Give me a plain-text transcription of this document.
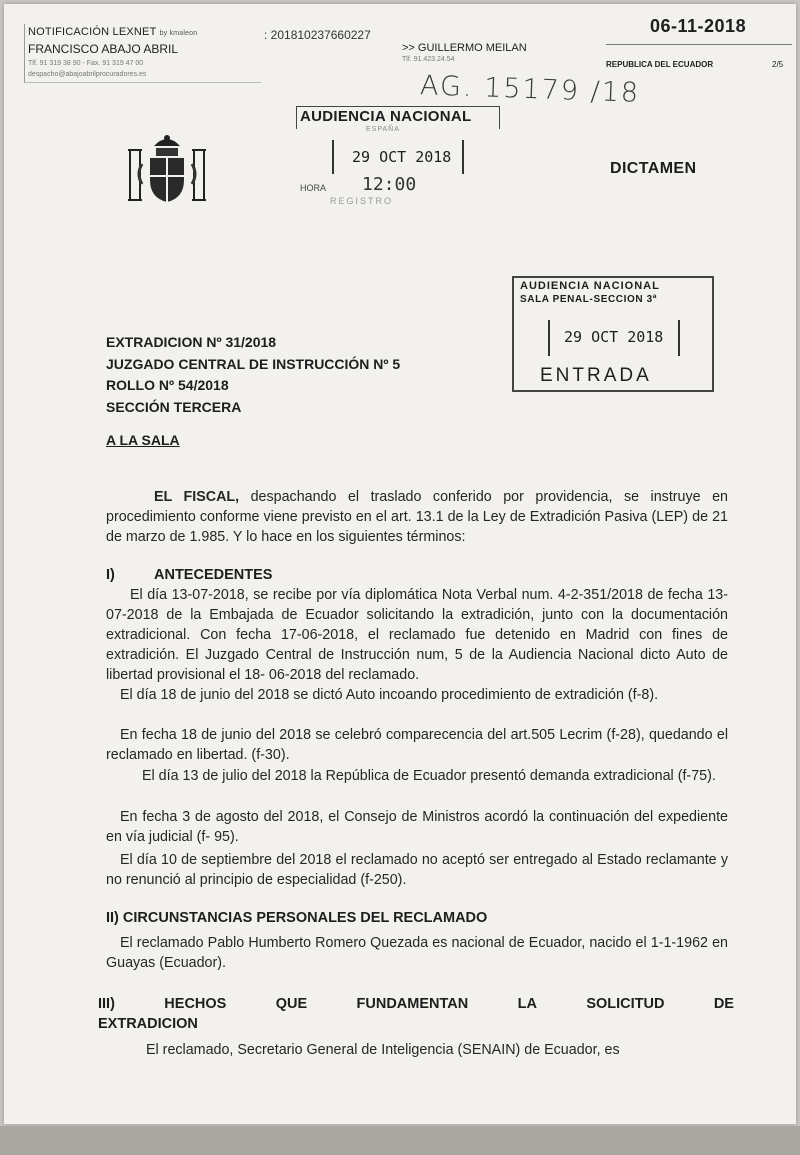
NOTIFICACIÓN LEXNET by kmaleon
FRANCISCO ABAJO ABRIL
Tlf. 91 319 38 90 - Fax. 91 319 47 00
despacho@abajoabrilprocuradores.es
: 201810237660227
>> GUILLERMO MEILAN
Tlf. 91.423.24.54
06-11-2018
REPUBLICA DEL ECUADOR	2/5
AG. 15179 /18
AUDIENCIA NACIONAL
ESPAÑA
29 OCT 2018
HORA 12:00
REGISTRO
DICTAMEN
AUDIENCIA NACIONAL
SALA PENAL-SECCION 3ª
29 OCT 2018
ENTRADA
EXTRADICION Nº 31/2018
JUZGADO CENTRAL DE INSTRUCCIÓN Nº 5
ROLLO Nº 54/2018
SECCIÓN TERCERA
A LA SALA
EL FISCAL, despachando el traslado conferido por providencia, se instruye en procedimiento conforme viene previsto en el art. 13.1 de la Ley de Extradición Pasiva (LEP) de 21 de marzo de 1.985. Y lo hace en los siguientes términos:
I)	ANTECEDENTES
El día 13-07-2018, se recibe por vía diplomática Nota Verbal num. 4-2-351/2018 de fecha 13-07-2018 de la Embajada de Ecuador solicitando la extradición, junto con la documentación extradicional. Con fecha 17-06-2018, el reclamado fue detenido en Madrid con fines de extradición. El Juzgado Central de Instrucción num, 5 de la Audiencia Nacional dicto Auto de libertad provisional el 18- 06-2018 del reclamado.
El día 18 de junio del 2018 se dictó Auto incoando procedimiento de extradición (f-8).
En fecha 18 de junio del 2018 se celebró comparecencia del art.505 Lecrim (f-28), quedando el reclamado en libertad. (f-30).
El día 13 de julio del 2018 la República de Ecuador presentó demanda extradicional (f-75).
En fecha 3 de agosto del 2018, el Consejo de Ministros acordó la continuación del expediente en vía judicial (f- 95).
El día 10 de septiembre del 2018 el reclamado no aceptó ser entregado al Estado reclamante y no renunció al principio de especialidad (f-250).
II) CIRCUNSTANCIAS PERSONALES DEL RECLAMADO
El reclamado Pablo Humberto Romero Quezada es nacional de Ecuador, nacido el 1-1-1962 en Guayas (Ecuador).
III)	HECHOS	QUE	FUNDAMENTAN	LA	SOLICITUD	DE
EXTRADICION
El reclamado, Secretario General de Inteligencia (SENAIN) de Ecuador, es
